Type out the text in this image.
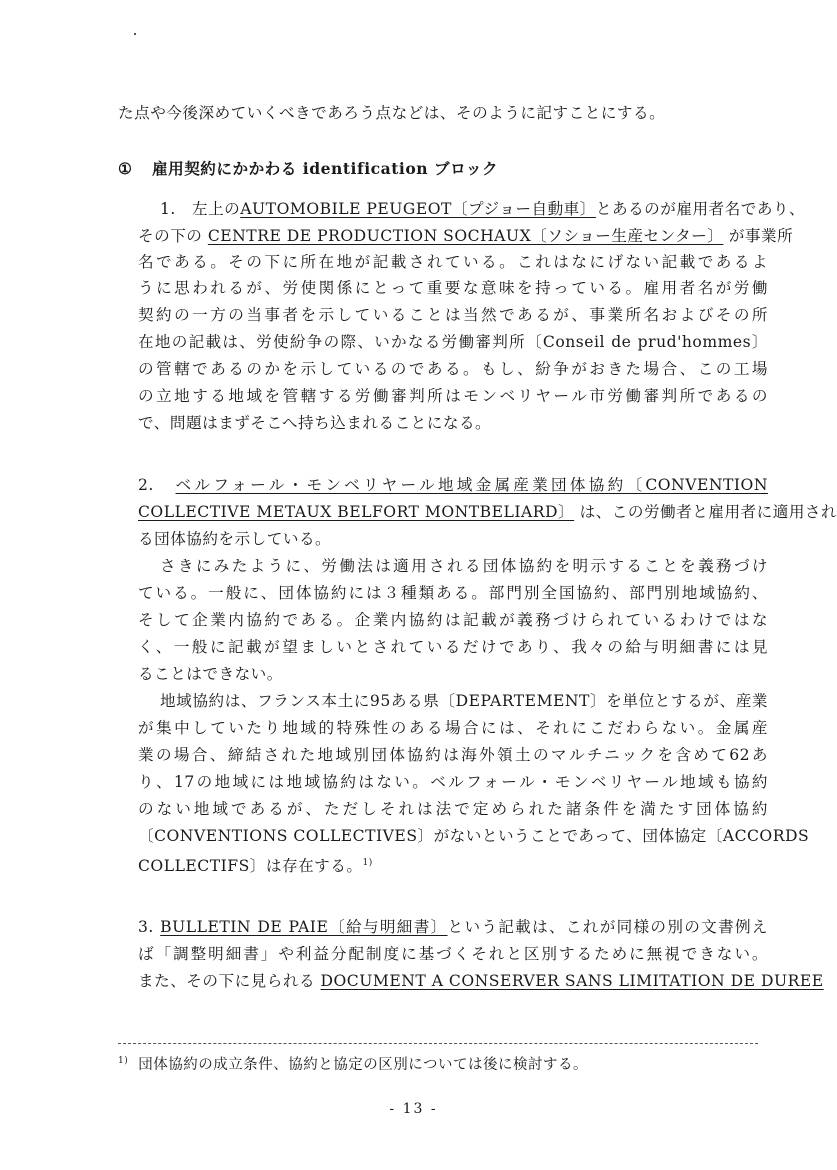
た点や今後深めていくべきであろう点などは、そのように記すことにする。
① 雇用契約にかかわる identification ブロック
1.　左上のAUTOMOBILE PEUGEOT〔プジョー自動車〕とあるのが雇用者名であり、
その下の CENTRE DE PRODUCTION SOCHAUX〔ソショー生産センター〕 が事業所
名である。その下に所在地が記載されている。これはなにげない記載であるよ
うに思われるが、労使関係にとって重要な意味を持っている。雇用者名が労働
契約の一方の当事者を示していることは当然であるが、事業所名およびその所
在地の記載は、労使紛争の際、いかなる労働審判所〔Conseil de prud'hommes〕
の管轄であるのかを示しているのである。もし、紛争がおきた場合、この工場
の立地する地域を管轄する労働審判所はモンベリヤール市労働審判所であるの
で、問題はまずそこへ持ち込まれることになる。
2.　ベルフォール・モンベリヤール地域金属産業団体協約〔CONVENTION
COLLECTIVE METAUX BELFORT MONTBELIARD〕 は、この労働者と雇用者に適用され
る団体協約を示している。
さきにみたように、労働法は適用される団体協約を明示することを義務づけ
ている。一般に、団体協約には３種類ある。部門別全国協約、部門別地域協約、
そして企業内協約である。企業内協約は記載が義務づけられているわけではな
く、一般に記載が望ましいとされているだけであり、我々の給与明細書には見
ることはできない。
地域協約は、フランス本土に95ある県〔DEPARTEMENT〕を単位とするが、産業
が集中していたり地域的特殊性のある場合には、それにこだわらない。金属産
業の場合、締結された地域別団体協約は海外領土のマルチニックを含めて62あ
り、17の地域には地域協約はない。ベルフォール・モンベリヤール地域も協約
のない地域であるが、ただしそれは法で定められた諸条件を満たす団体協約
〔CONVENTIONS COLLECTIVES〕がないということであって、団体協定〔ACCORDS
COLLECTIFS〕は存在する。$^{1)}$
3. BULLETIN DE PAIE〔給与明細書〕という記載は、これが同様の別の文書例え
ば「調整明細書」や利益分配制度に基づくそれと区別するために無視できない。
また、その下に見られる DOCUMENT A CONSERVER SANS LIMITATION DE DUREE
$^{1)}$ 団体協約の成立条件、協約と協定の区別については後に検討する。
- 13 -
